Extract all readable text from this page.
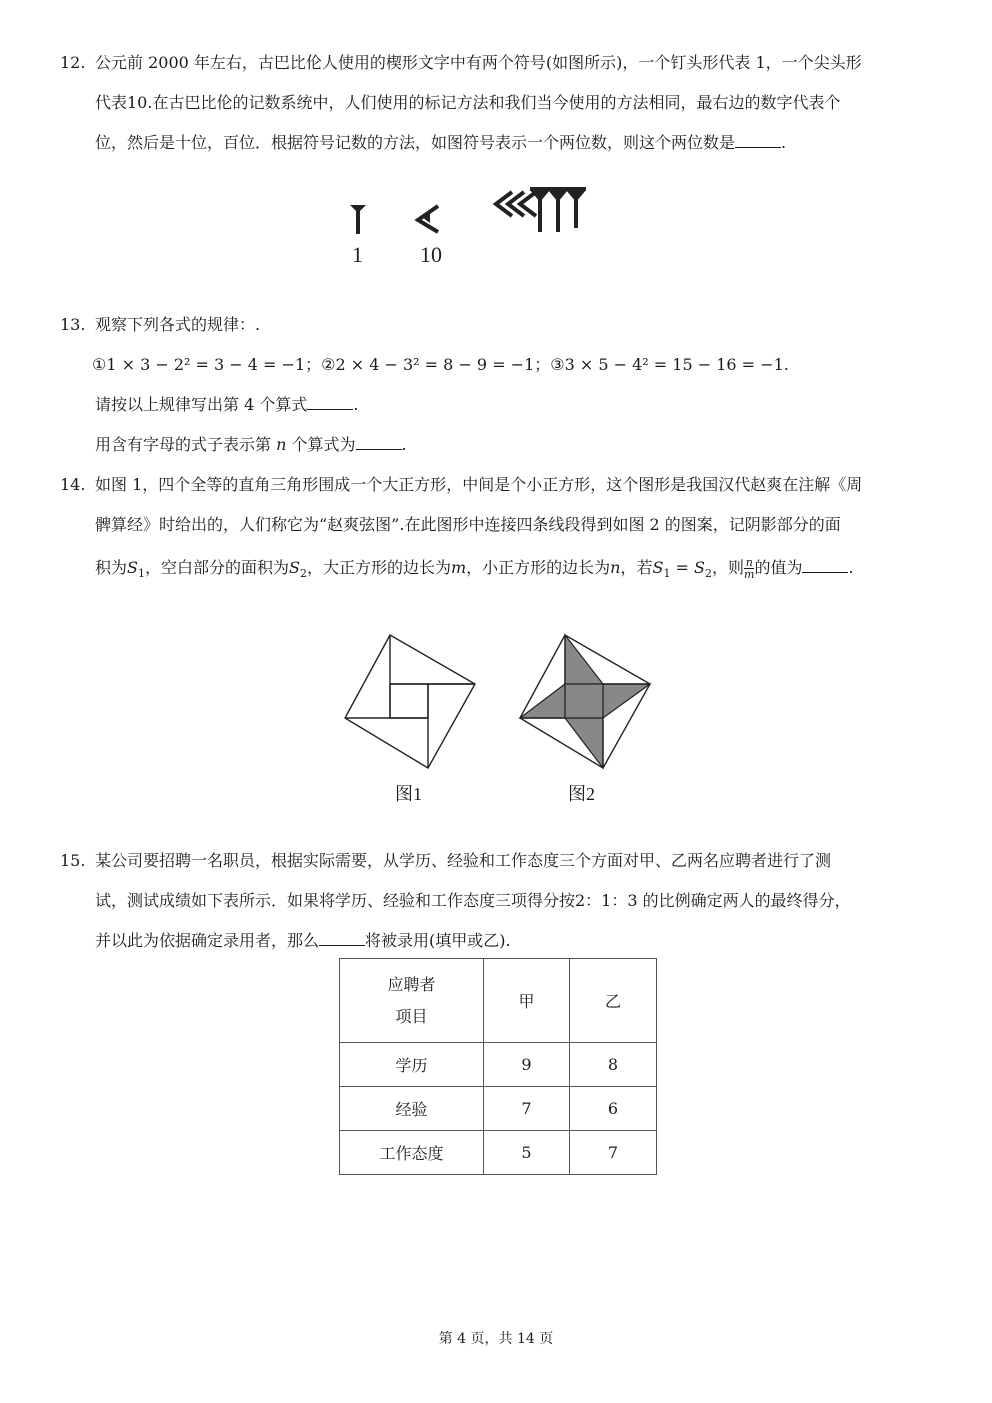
12. 公元前 2000 年左右，古巴比伦人使用的楔形文字中有两个符号(如图所示)，一个钉头形代表 1，一个尖头形
代表10.在古巴比伦的记数系统中，人们使用的标记方法和我们当今使用的方法相同，最右边的数字代表个
位，然后是十位，百位．根据符号记数的方法，如图符号表示一个两位数，则这个两位数是	.
1	10
13. 观察下列各式的规律：.
①1 × 3 − 2² = 3 − 4 = −1；②2 × 4 − 3² = 8 − 9 = −1；③3 × 5 − 4² = 15 − 16 = −1.
请按以上规律写出第 4 个算式	.
用含有字母的式子表示第 n 个算式为	.
14. 如图 1，四个全等的直角三角形围成一个大正方形，中间是个小正方形，这个图形是我国汉代赵爽在注解《周
髀算经》时给出的，人们称它为“赵爽弦图”.在此图形中连接四条线段得到如图 2 的图案，记阴影部分的面
积为$S_1$，空白部分的面积为$S_2$，大正方形的边长为m，小正方形的边长为n，若$S_1 = S_2$，则 $\frac{n}{m}$ 的值为	.
图1	图2
15. 某公司要招聘一名职员，根据实际需要，从学历、经验和工作态度三个方面对甲、乙两名应聘者进行了测
试，测试成绩如下表所示．如果将学历、经验和工作态度三项得分按2：1：3 的比例确定两人的最终得分，
并以此为依据确定录用者，那么	将被录用(填甲或乙).
应聘者
项目	甲	乙
学历	9	8
经验	7	6
工作态度	5	7
第 4 页，共 14 页
